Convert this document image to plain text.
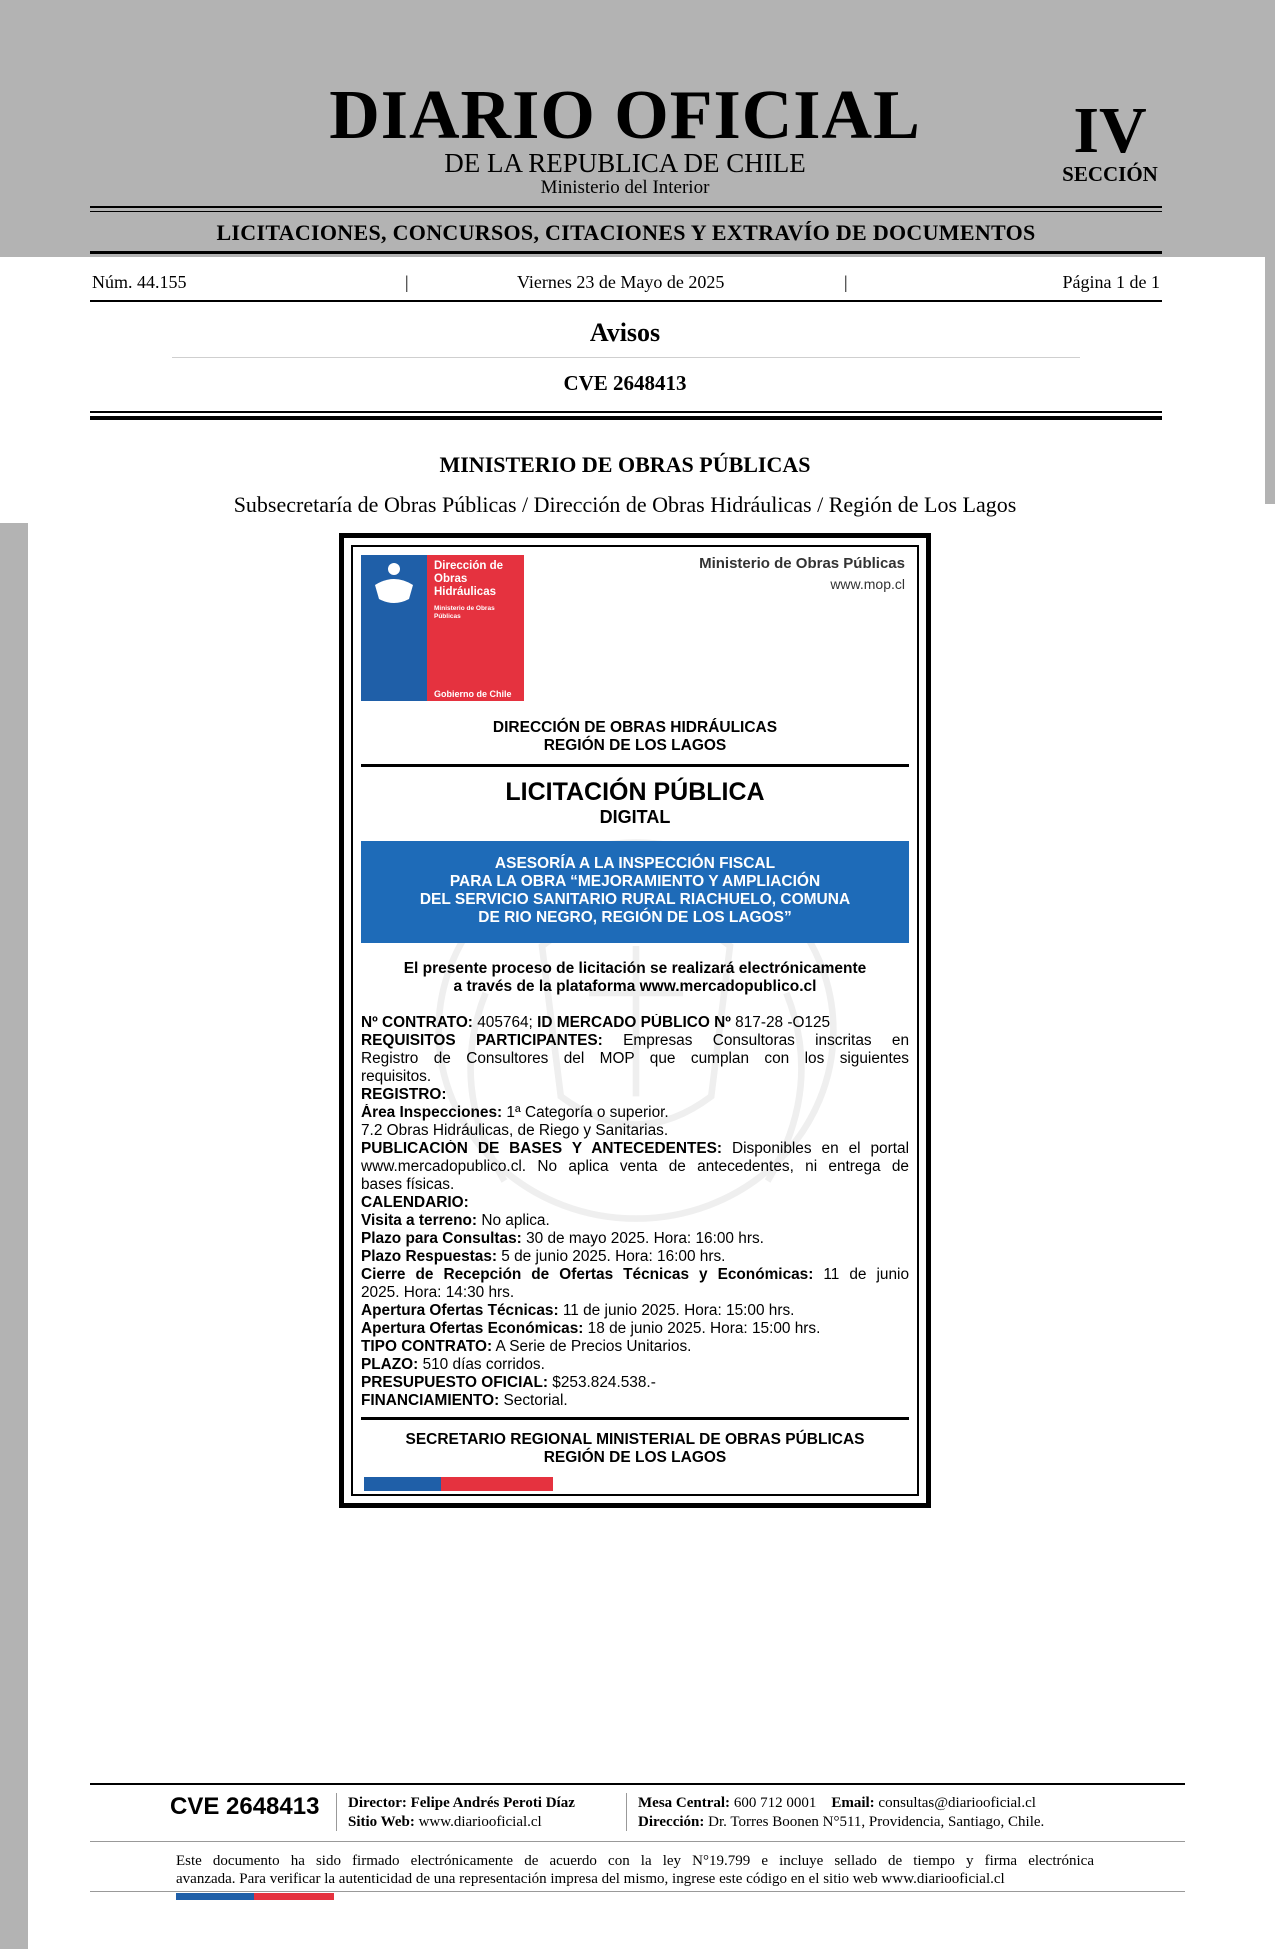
DIARIO OFICIAL
DE LA REPUBLICA DE CHILE
Ministerio del Interior
IV
SECCIÓN
LICITACIONES, CONCURSOS, CITACIONES Y EXTRAVÍO DE DOCUMENTOS
Núm. 44.155	|	Viernes 23 de Mayo de 2025	|	Página 1 de 1
Avisos
CVE 2648413
MINISTERIO DE OBRAS PÚBLICAS
Subsecretaría de Obras Públicas / Dirección de Obras Hidráulicas / Región de Los Lagos
Dirección de
Obras
Hidráulicas
Ministerio de Obras
Públicas
Gobierno de Chile
Ministerio de Obras Públicas
www.mop.cl
DIRECCIÓN DE OBRAS HIDRÁULICAS
REGIÓN DE LOS LAGOS
LICITACIÓN PÚBLICA
DIGITAL
ASESORÍA A LA INSPECCIÓN FISCAL
PARA LA OBRA “MEJORAMIENTO Y AMPLIACIÓN
DEL SERVICIO SANITARIO RURAL RIACHUELO, COMUNA
DE RIO NEGRO, REGIÓN DE LOS LAGOS”
El presente proceso de licitación se realizará electrónicamente
a través de la plataforma www.mercadopublico.cl
Nº CONTRATO: 405764; ID MERCADO PÚBLICO Nº 817-28 -O125
REQUISITOS PARTICIPANTES: Empresas Consultoras inscritas en
Registro de Consultores del MOP que cumplan con los siguientes
requisitos.
REGISTRO:
Área Inspecciones: 1ª Categoría o superior.
7.2 Obras Hidráulicas, de Riego y Sanitarias.
PUBLICACIÓN DE BASES Y ANTECEDENTES: Disponibles en el portal
www.mercadopublico.cl. No aplica venta de antecedentes, ni entrega de
bases físicas.
CALENDARIO:
Visita a terreno: No aplica.
Plazo para Consultas: 30 de mayo 2025. Hora: 16:00 hrs.
Plazo Respuestas: 5 de junio 2025. Hora: 16:00 hrs.
Cierre de Recepción de Ofertas Técnicas y Económicas: 11 de junio
2025. Hora: 14:30 hrs.
Apertura Ofertas Técnicas: 11 de junio 2025. Hora: 15:00 hrs.
Apertura Ofertas Económicas: 18 de junio 2025. Hora: 15:00 hrs.
TIPO CONTRATO: A Serie de Precios Unitarios.
PLAZO: 510 días corridos.
PRESUPUESTO OFICIAL: $253.824.538.-
FINANCIAMIENTO: Sectorial.
SECRETARIO REGIONAL MINISTERIAL DE OBRAS PÚBLICAS
REGIÓN DE LOS LAGOS
CVE 2648413 Director: Felipe Andrés Peroti Díaz
Sitio Web: www.diariooficial.cl
Mesa Central: 600 712 0001 Email: consultas@diariooficial.cl
Dirección: Dr. Torres Boonen N°511, Providencia, Santiago, Chile.
Este documento ha sido firmado electrónicamente de acuerdo con la ley N°19.799 e incluye sellado de tiempo y firma electrónica
avanzada. Para verificar la autenticidad de una representación impresa del mismo, ingrese este código en el sitio web www.diariooficial.cl
